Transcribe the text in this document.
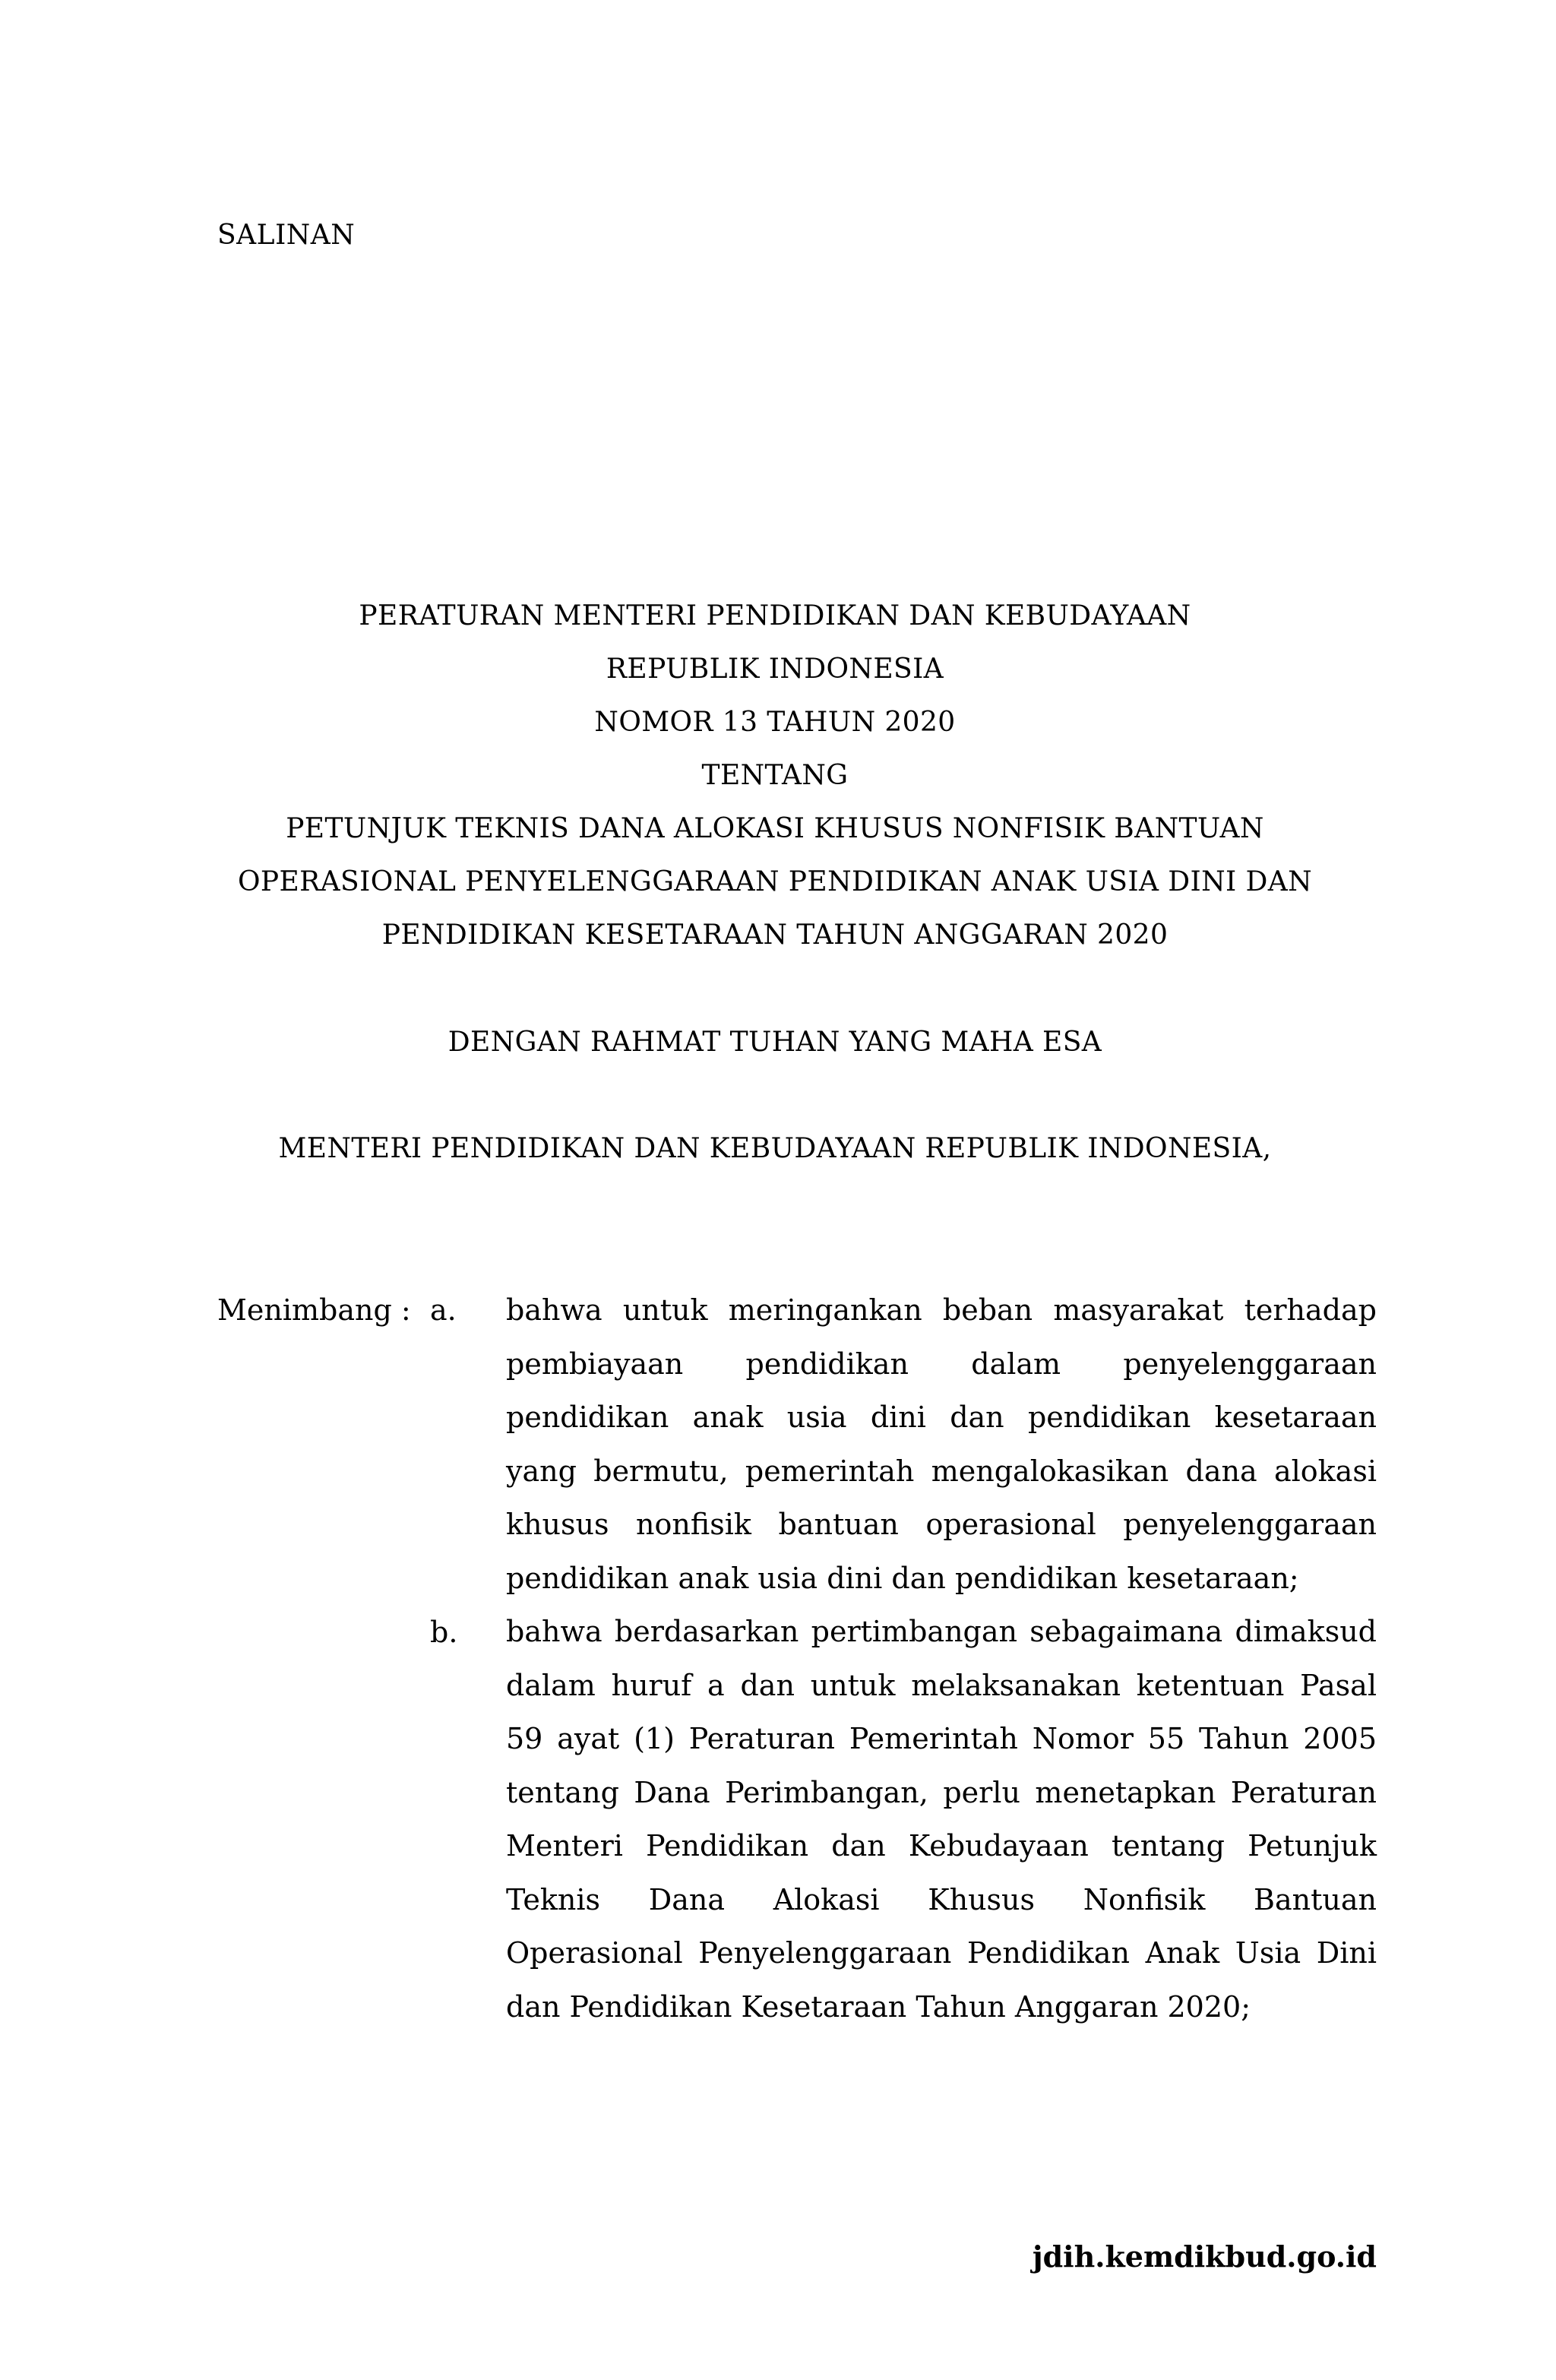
SALINAN
PERATURAN MENTERI PENDIDIKAN DAN KEBUDAYAAN
REPUBLIK INDONESIA
NOMOR 13 TAHUN 2020
TENTANG
PETUNJUK TEKNIS DANA ALOKASI KHUSUS NONFISIK BANTUAN
OPERASIONAL PENYELENGGARAAN PENDIDIKAN ANAK USIA DINI DAN
PENDIDIKAN KESETARAAN TAHUN ANGGARAN 2020
DENGAN RAHMAT TUHAN YANG MAHA ESA
MENTERI PENDIDIKAN DAN KEBUDAYAAN REPUBLIK INDONESIA,
Menimbang : a. bahwa untuk meringankan beban masyarakat terhadap
pembiayaan pendidikan dalam penyelenggaraan
pendidikan anak usia dini dan pendidikan kesetaraan
yang bermutu, pemerintah mengalokasikan dana alokasi
khusus nonfisik bantuan operasional penyelenggaraan
pendidikan anak usia dini dan pendidikan kesetaraan;
b. bahwa berdasarkan pertimbangan sebagaimana dimaksud
dalam huruf a dan untuk melaksanakan ketentuan Pasal
59 ayat (1) Peraturan Pemerintah Nomor 55 Tahun 2005
tentang Dana Perimbangan, perlu menetapkan Peraturan
Menteri Pendidikan dan Kebudayaan tentang Petunjuk
Teknis Dana Alokasi Khusus Nonfisik Bantuan
Operasional Penyelenggaraan Pendidikan Anak Usia Dini
dan Pendidikan Kesetaraan Tahun Anggaran 2020;
jdih.kemdikbud.go.id
